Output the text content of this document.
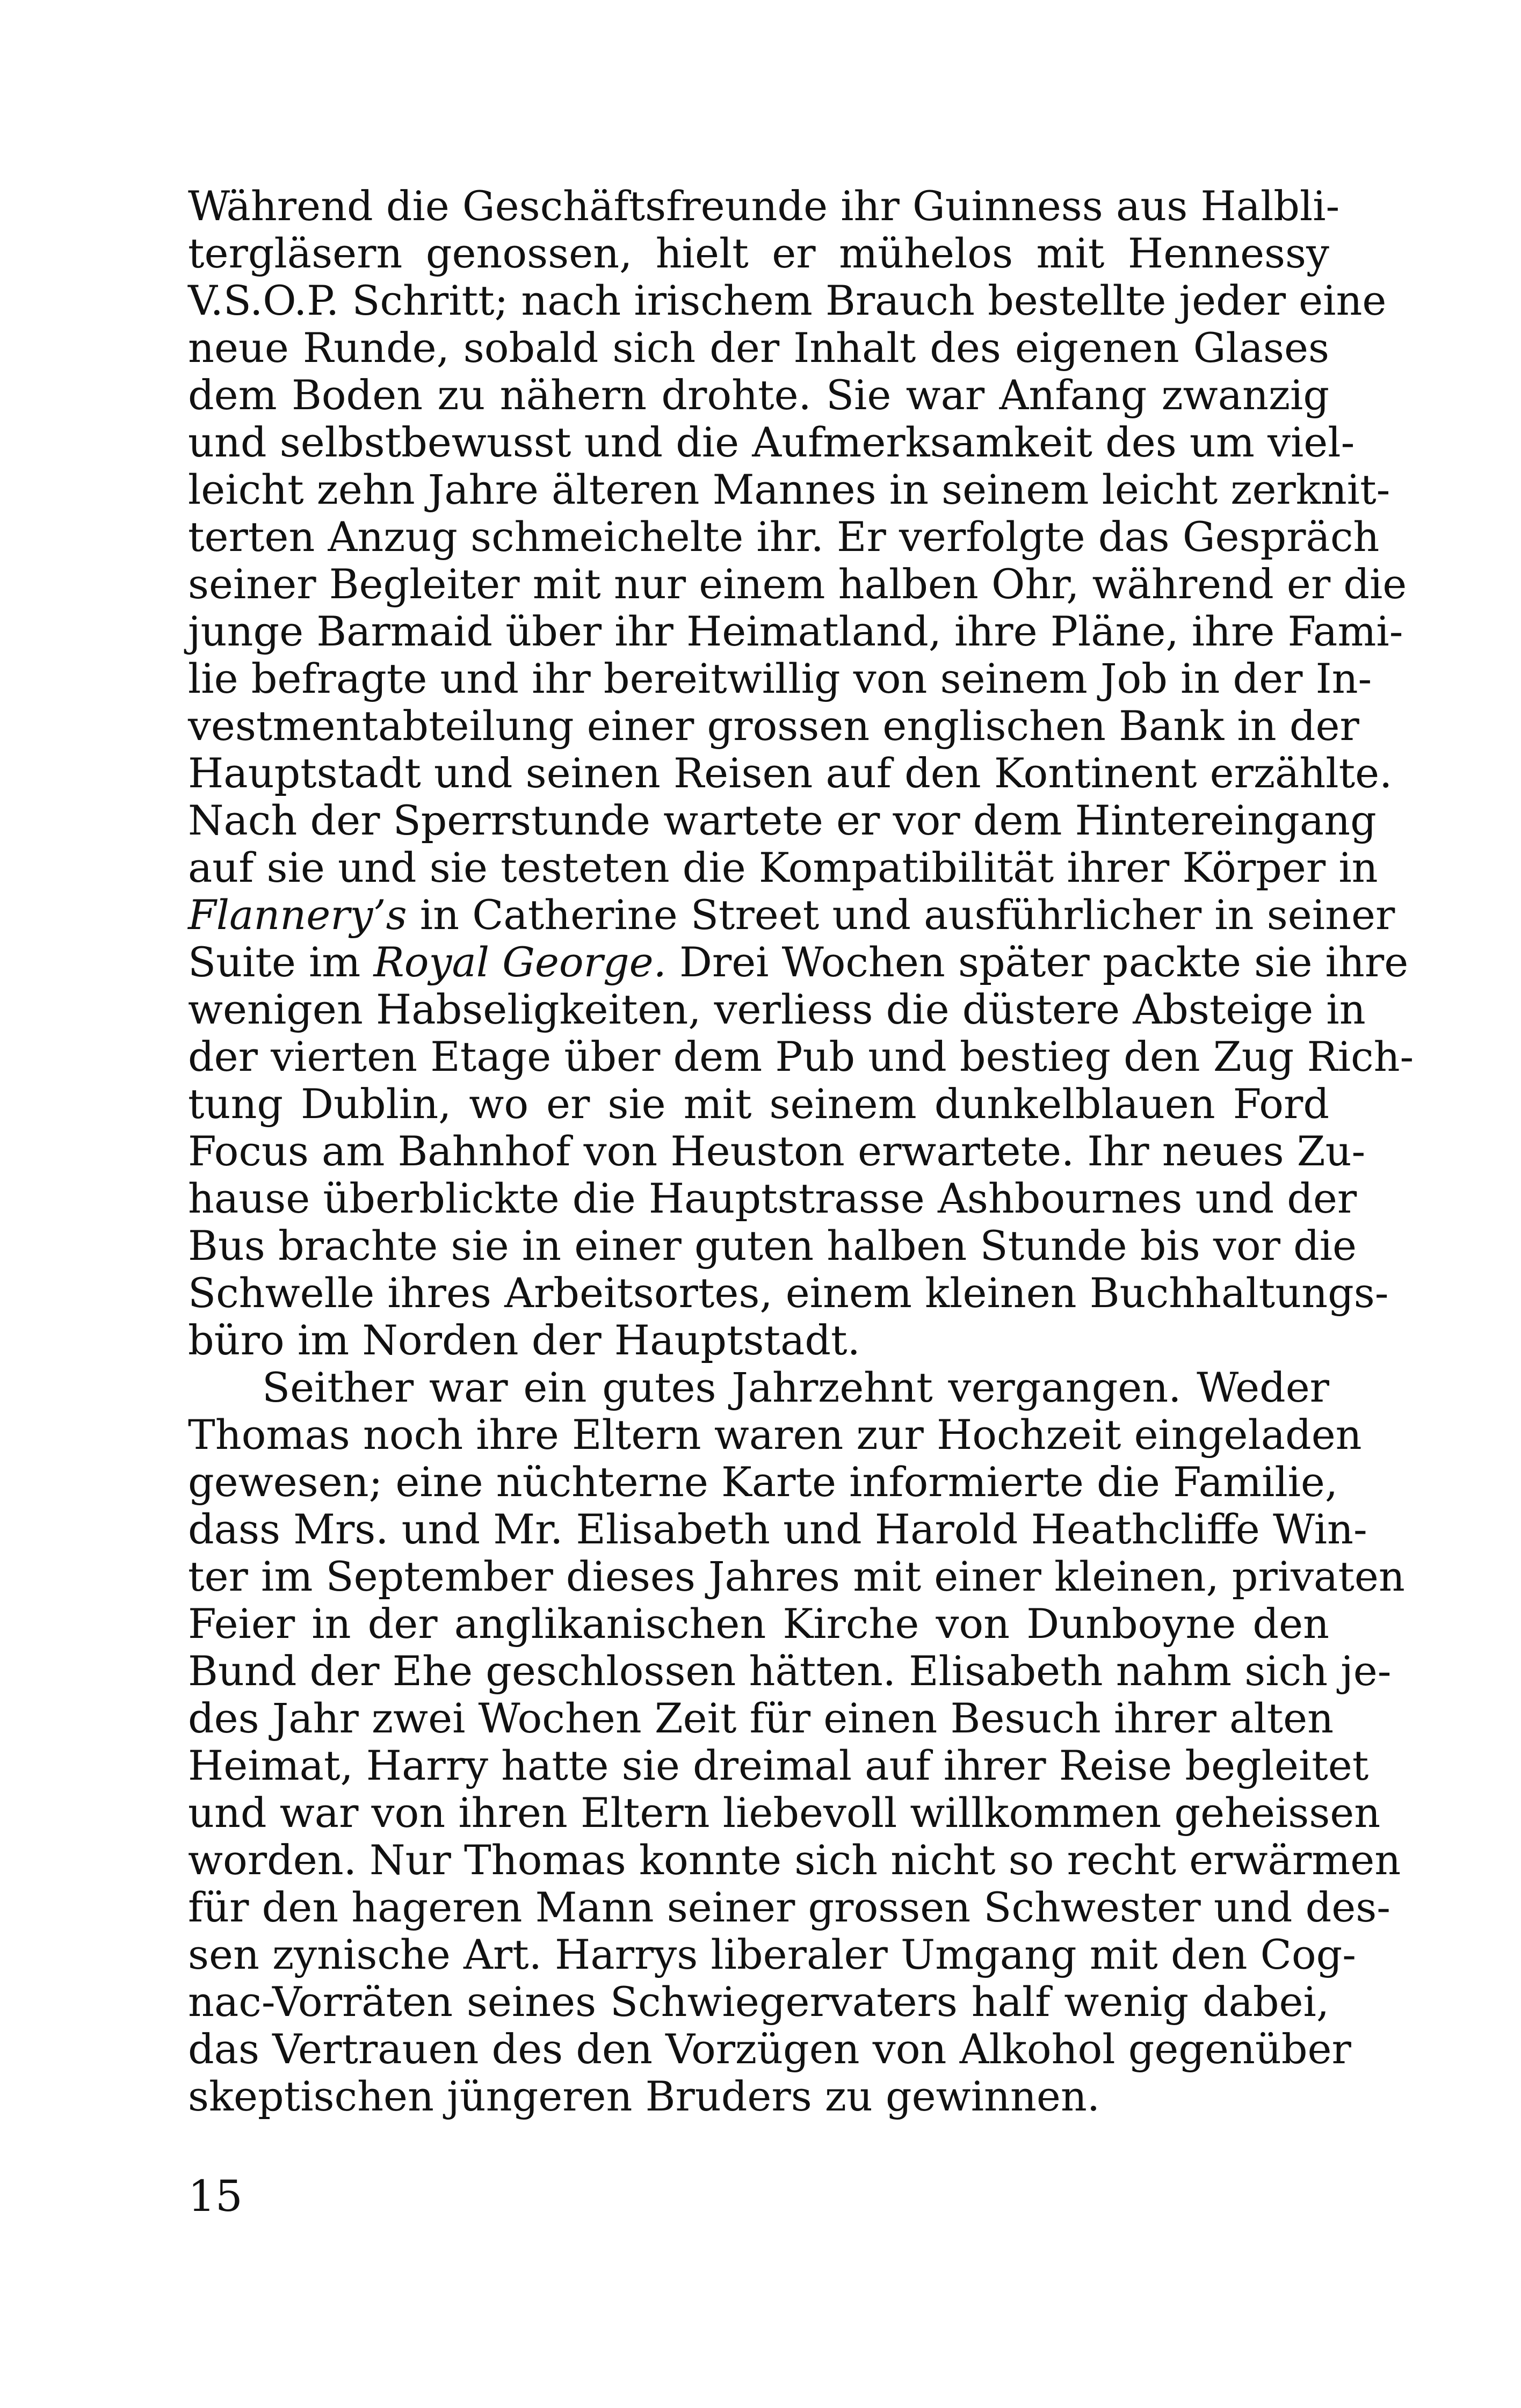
Während die Geschäftsfreunde ihr Guinness aus Halbli-
tergläsern genossen, hielt er mühelos mit Hennessy
V.S.O.P. Schritt; nach irischem Brauch bestellte jeder eine
neue Runde, sobald sich der Inhalt des eigenen Glases
dem Boden zu nähern drohte. Sie war Anfang zwanzig
und selbstbewusst und die Aufmerksamkeit des um viel-
leicht zehn Jahre älteren Mannes in seinem leicht zerknit-
terten Anzug schmeichelte ihr. Er verfolgte das Gespräch
seiner Begleiter mit nur einem halben Ohr, während er die
junge Barmaid über ihr Heimatland, ihre Pläne, ihre Fami-
lie befragte und ihr bereitwillig von seinem Job in der In-
vestmentabteilung einer grossen englischen Bank in der
Hauptstadt und seinen Reisen auf den Kontinent erzählte.
Nach der Sperrstunde wartete er vor dem Hintereingang
auf sie und sie testeten die Kompatibilität ihrer Körper in
Flannery’s in Catherine Street und ausführlicher in seiner
Suite im Royal George. Drei Wochen später packte sie ihre
wenigen Habseligkeiten, verliess die düstere Absteige in
der vierten Etage über dem Pub und bestieg den Zug Rich-
tung Dublin, wo er sie mit seinem dunkelblauen Ford
Focus am Bahnhof von Heuston erwartete. Ihr neues Zu-
hause überblickte die Hauptstrasse Ashbournes und der
Bus brachte sie in einer guten halben Stunde bis vor die
Schwelle ihres Arbeitsortes, einem kleinen Buchhaltungs-
büro im Norden der Hauptstadt.
Seither war ein gutes Jahrzehnt vergangen. Weder
Thomas noch ihre Eltern waren zur Hochzeit eingeladen
gewesen; eine nüchterne Karte informierte die Familie,
dass Mrs. und Mr. Elisabeth und Harold Heathcliffe Win-
ter im September dieses Jahres mit einer kleinen, privaten
Feier in der anglikanischen Kirche von Dunboyne den
Bund der Ehe geschlossen hätten. Elisabeth nahm sich je-
des Jahr zwei Wochen Zeit für einen Besuch ihrer alten
Heimat, Harry hatte sie dreimal auf ihrer Reise begleitet
und war von ihren Eltern liebevoll willkommen geheissen
worden. Nur Thomas konnte sich nicht so recht erwärmen
für den hageren Mann seiner grossen Schwester und des-
sen zynische Art. Harrys liberaler Umgang mit den Cog-
nac-Vorräten seines Schwiegervaters half wenig dabei,
das Vertrauen des den Vorzügen von Alkohol gegenüber
skeptischen jüngeren Bruders zu gewinnen.
15
